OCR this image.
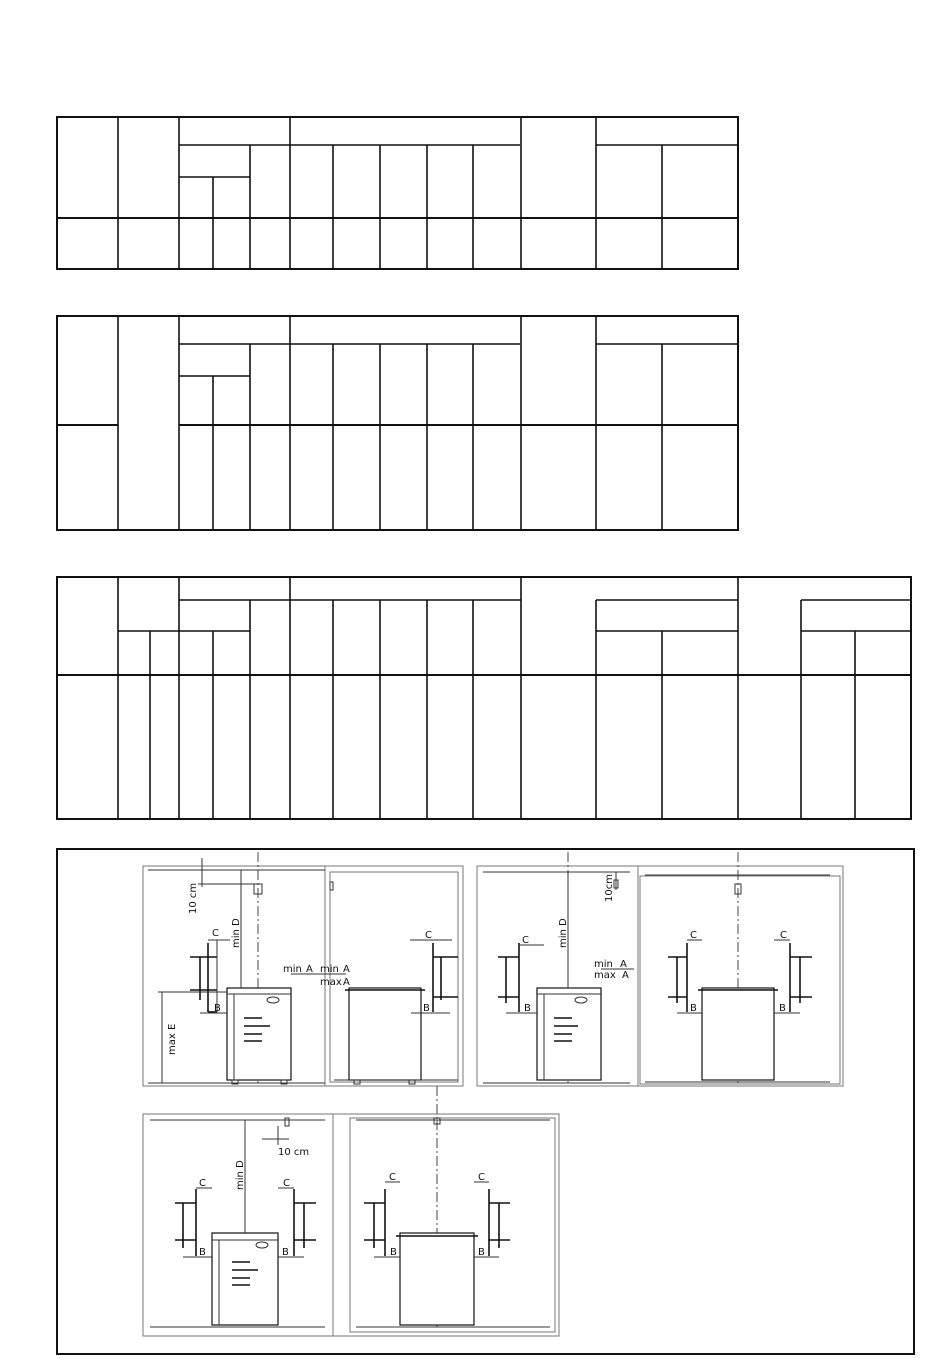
10 cm
min D
C
B
max E
min A min A
max A
C
B
C
B
min D
10cm
min A
max A
C
B
C
B
min D
10 cm
C
B
C
B
C
B
C
B
